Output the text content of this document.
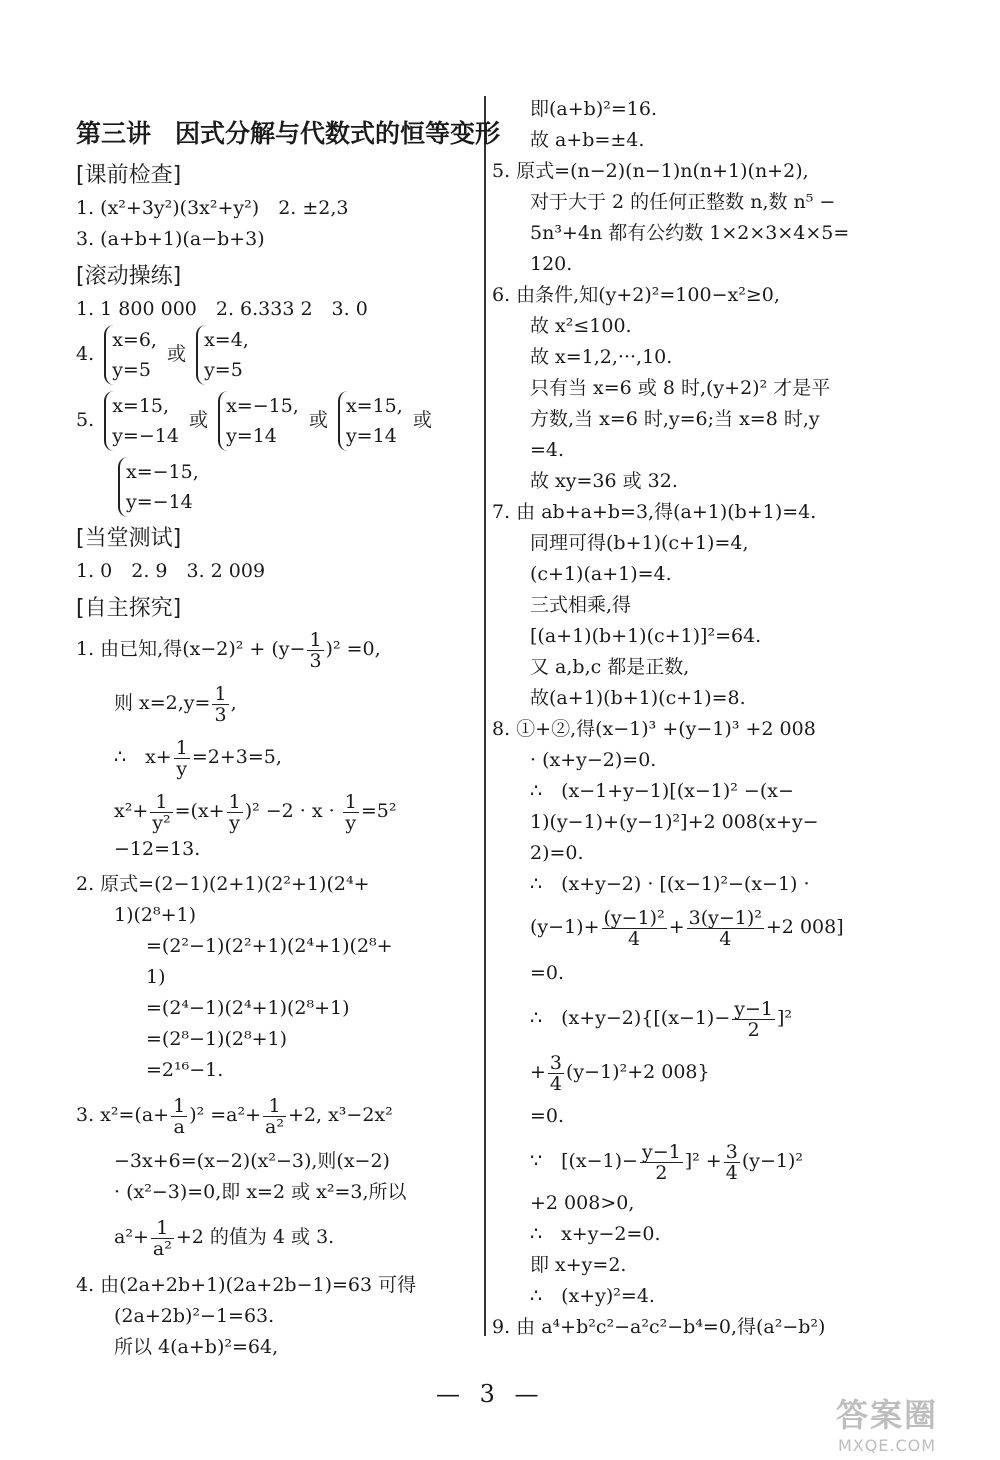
第三讲 因式分解与代数式的恒等变形
[课前检查]
1. (x²+3y²)(3x²+y²)　2. ±2,3
3. (a+b+1)(a−b+3)
[滚动操练]
1. 1 800 000　2. 6.333 2　3. 0
4. x=6,
y=5 或 x=4,
y=5
5. x=15,
y=−14 或 x=−15,
y=14 或 x=15,
y=14 或
x=−15,
y=−14
[当堂测试]
1. 0　2. 9　3. 2 009
[自主探究]
1. 由已知,得$(x-2)^2 + (y- \frac{1}{3} )^2 =0$,
则 $x=2,y= \frac{1}{3}$ ,
∴　$x+ \frac{1}{y} =2+3=5$,
$x^2+ \frac{1}{\text{y²}} =(x+ \frac{1}{y} )^2 -2 \cdot x \cdot \frac{1}{y} =5^2$
−12=13.
2. 原式=(2−1)(2+1)(2²+1)(2⁴+
1)(2⁸+1)
=(2²−1)(2²+1)(2⁴+1)(2⁸+
1)
=(2⁴−1)(2⁴+1)(2⁸+1)
=(2⁸−1)(2⁸+1)
=2¹⁶−1.
3. $x^2=(a+ \frac{1}{a} )^2 =a^2+ \frac{1}{\text{a²}} +2$, x³−2x²
−3x+6=(x−2)(x²−3),则(x−2)
· (x²−3)=0,即 x=2 或 x²=3,所以
$a^2+ \frac{1}{\text{a²}} +2$ 的值为 4 或 3.
4. 由(2a+2b+1)(2a+2b−1)=63 可得
(2a+2b)²−1=63.
所以 4(a+b)²=64,
即(a+b)²=16.
故 a+b=±4.
5. 原式=(n−2)(n−1)n(n+1)(n+2),
对于大于 2 的任何正整数 n,数 n⁵ −
5n³+4n 都有公约数 1×2×3×4×5=
120.
6. 由条件,知(y+2)²=100−x²≥0,
故 x²≤100.
故 x=1,2,···,10.
只有当 x=6 或 8 时,(y+2)² 才是平
方数,当 x=6 时,y=6;当 x=8 时,y
=4.
故 xy=36 或 32.
7. 由 ab+a+b=3,得(a+1)(b+1)=4.
同理可得(b+1)(c+1)=4,
(c+1)(a+1)=4.
三式相乘,得
[(a+1)(b+1)(c+1)]²=64.
又 a,b,c 都是正数,
故(a+1)(b+1)(c+1)=8.
8. ①+②,得(x−1)³ +(y−1)³ +2 008
· (x+y−2)=0.
∴　(x−1+y−1)[(x−1)² −(x−
1)(y−1)+(y−1)²]+2 008(x+y−
2)=0.
∴　(x+y−2) · [(x−1)²−(x−1) ·
$(y-1)+ \frac{\text{(y−1)²}}{4} + \frac{\text{3(y−1)²}}{4} +2$ 008]
=0.
∴　$(x+y-2)\{[(x-1)- \frac{y-1}{2} ]^2$
+ $\frac{3}{4} (y-1)^2+2$ 008}
=0.
∵　$[(x-1)- \frac{y-1}{2} ]^2 + \frac{3}{4} (y-1)^2$
+2 008>0,
∴　x+y−2=0.
即 x+y=2.
∴　(x+y)²=4.
9. 由 a⁴+b²c²−a²c²−b⁴=0,得(a²−b²)
— 3 —
答案圈
MXQE.COM
